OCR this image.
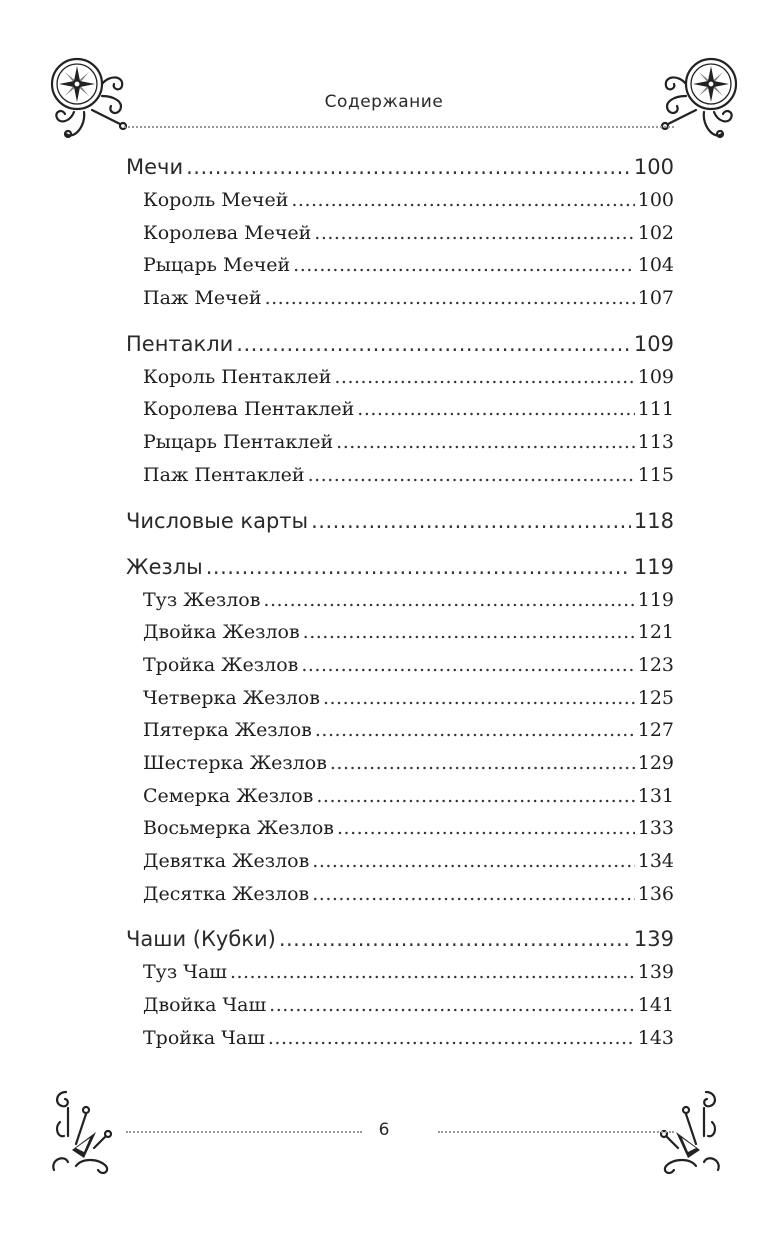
Содержание
Мечи .....	100
Король Мечей .....	100
Королева Мечей .....	102
Рыцарь Мечей .....	104
Паж Мечей .....	107
Пентакли .....	109
Король Пентаклей .....	109
Королева Пентаклей .....	111
Рыцарь Пентаклей .....	113
Паж Пентаклей .....	115
Числовые карты .....	118
Жезлы .....	119
Туз Жезлов .....	119
Двойка Жезлов .....	121
Тройка Жезлов .....	123
Четверка Жезлов .....	125
Пятерка Жезлов .....	127
Шестерка Жезлов .....	129
Семерка Жезлов .....	131
Восьмерка Жезлов .....	133
Девятка Жезлов .....	134
Десятка Жезлов .....	136
Чаши (Кубки) .....	139
Туз Чаш .....	139
Двойка Чаш .....	141
Тройка Чаш .....	143
6
